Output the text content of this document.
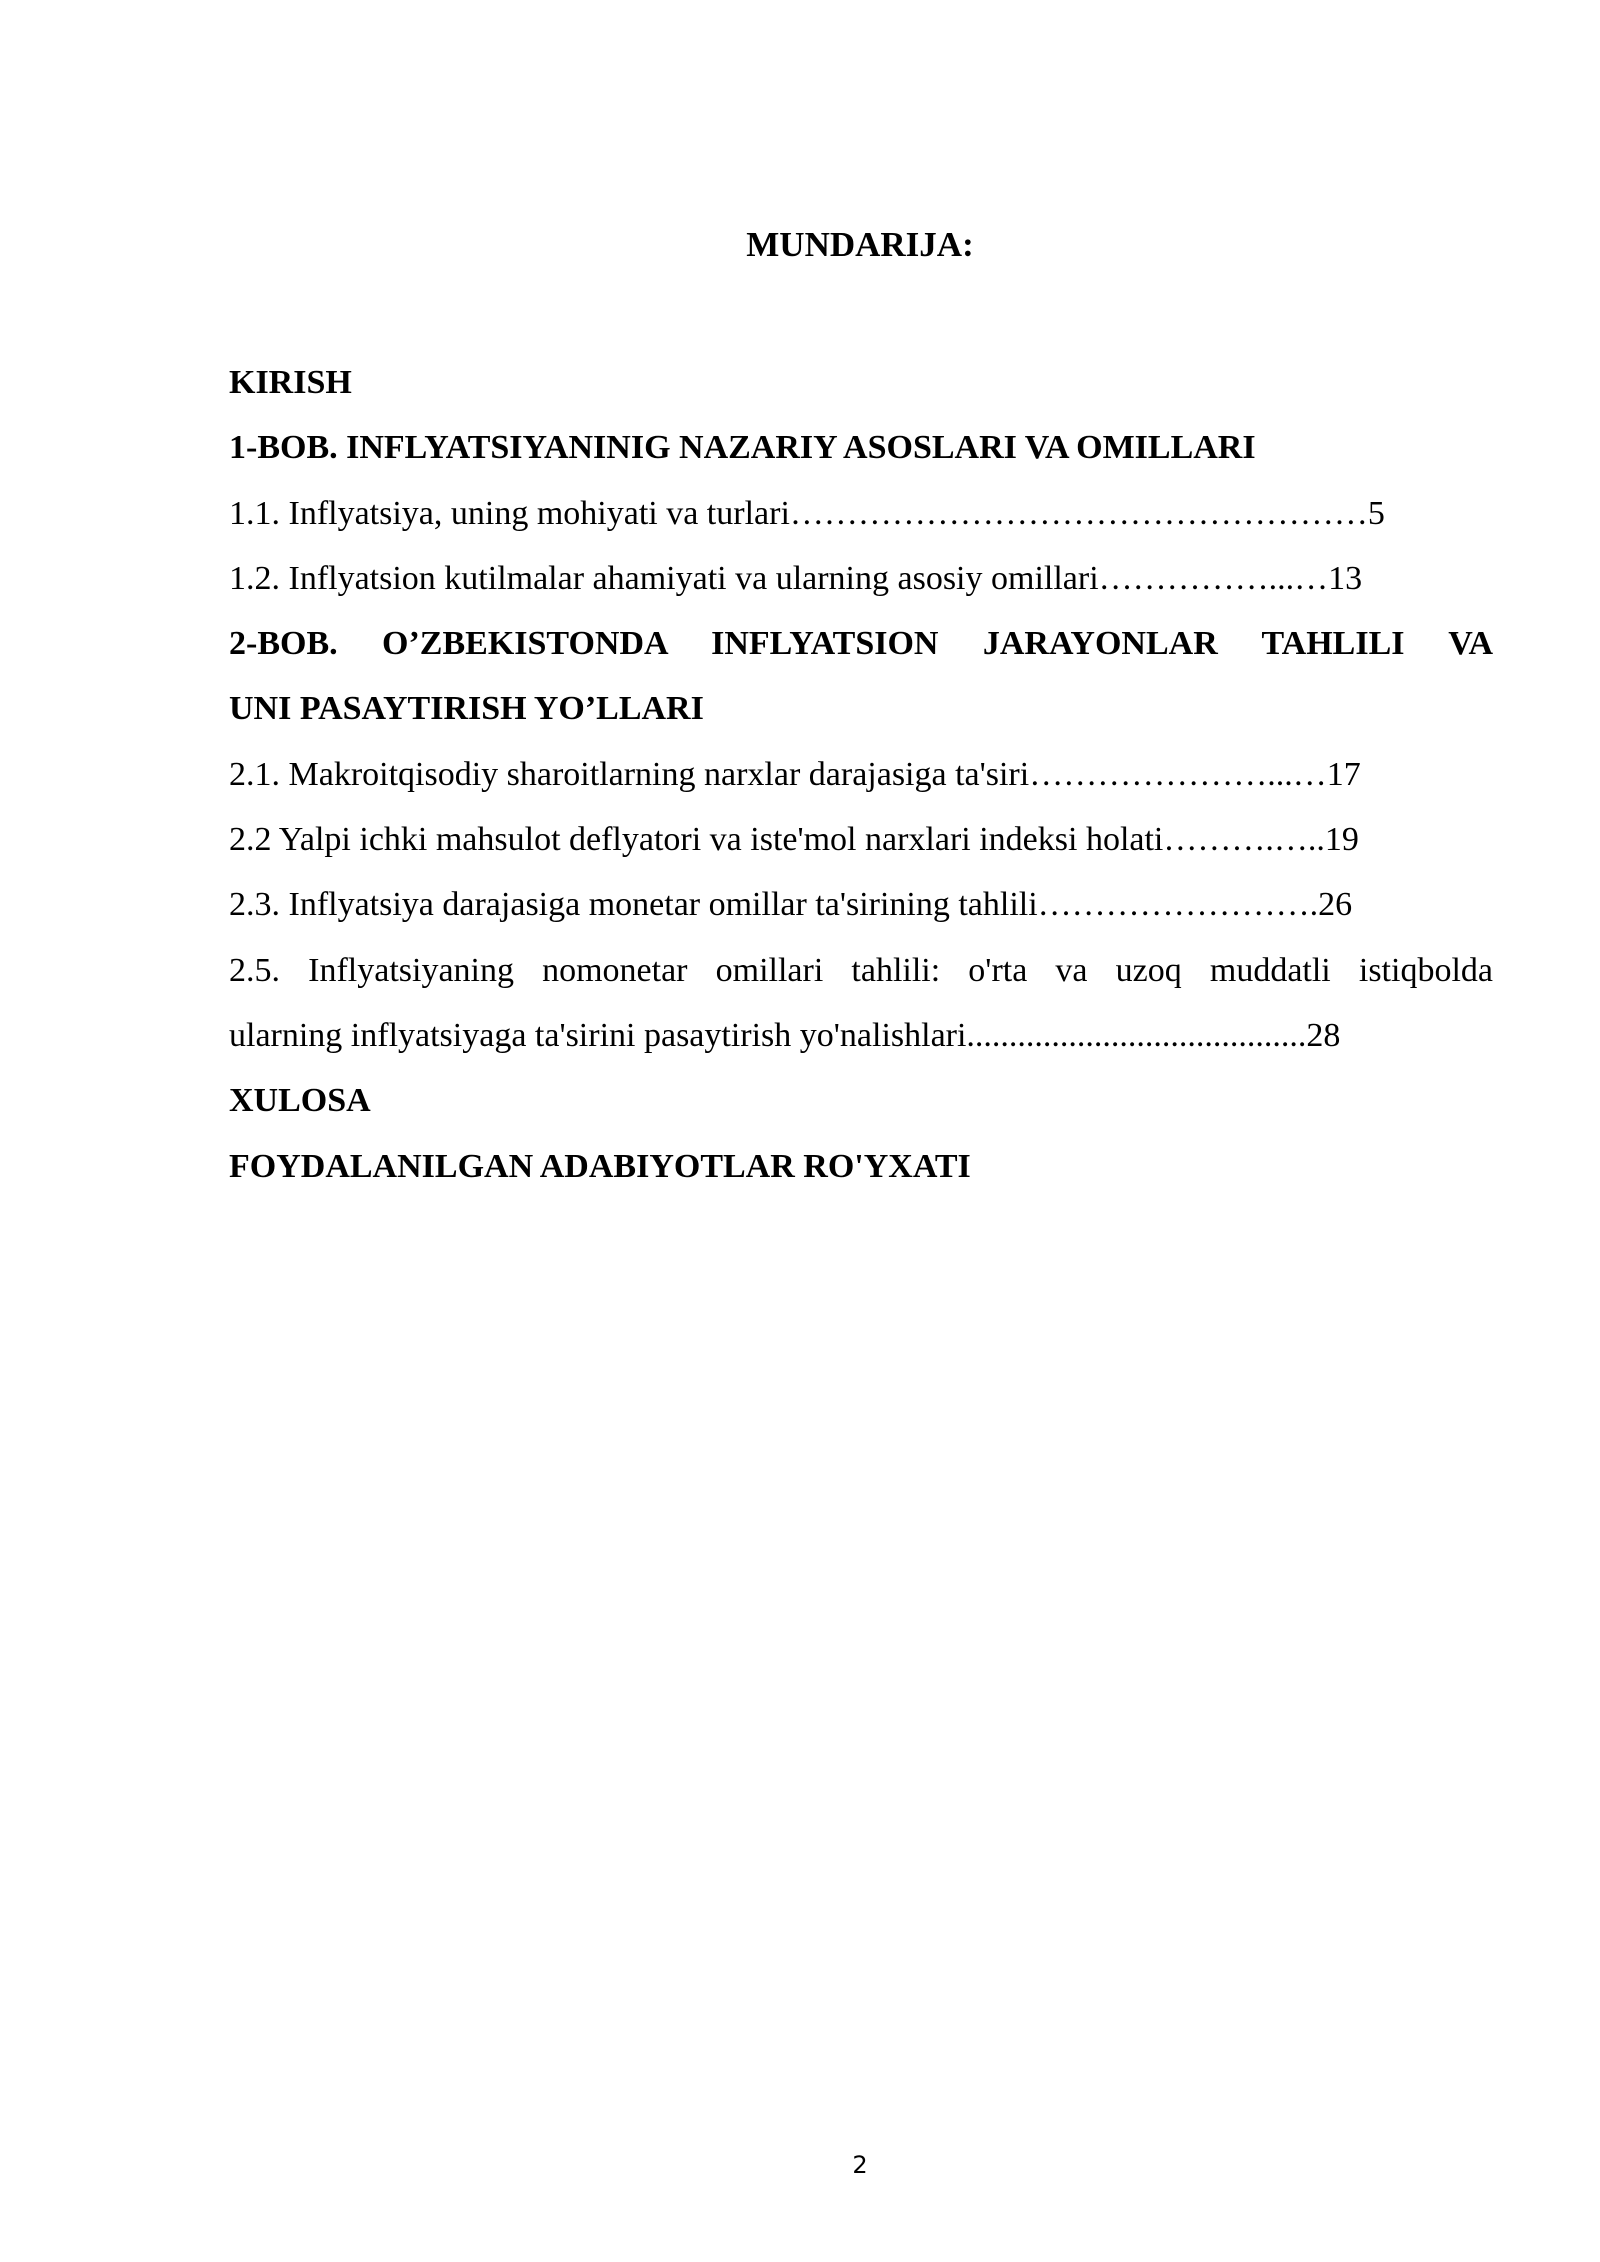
MUNDARIJA:
KIRISH
1-BOB. INFLYATSIYANINIG NAZARIY ASOSLARI VA OMILLARI
1.1. Inflyatsiya, uning mohiyati va turlari……………………………………………5
1.2. Inflyatsion kutilmalar ahamiyati va ularning asosiy omillari……………...…13
2-BOB. O’ZBEKISTONDA INFLYATSION JARAYONLAR TAHLILI VA
UNI PASAYTIRISH YO’LLARI
2.1. Makroitqisodiy sharoitlarning narxlar darajasiga ta'siri…………………...…17
2.2 Yalpi ichki mahsulot deflyatori va iste'mol narxlari indeksi holati……….…..19
2.3. Inflyatsiya darajasiga monetar omillar ta'sirining tahlili…………………….26
2.5. Inflyatsiyaning nomonetar omillari tahlili: o'rta va uzoq muddatli istiqbolda
ularning inflyatsiyaga ta'sirini pasaytirish yo'nalishlari........................................28
XULOSA
FOYDALANILGAN ADABIYOTLAR RO'YXATI
2
